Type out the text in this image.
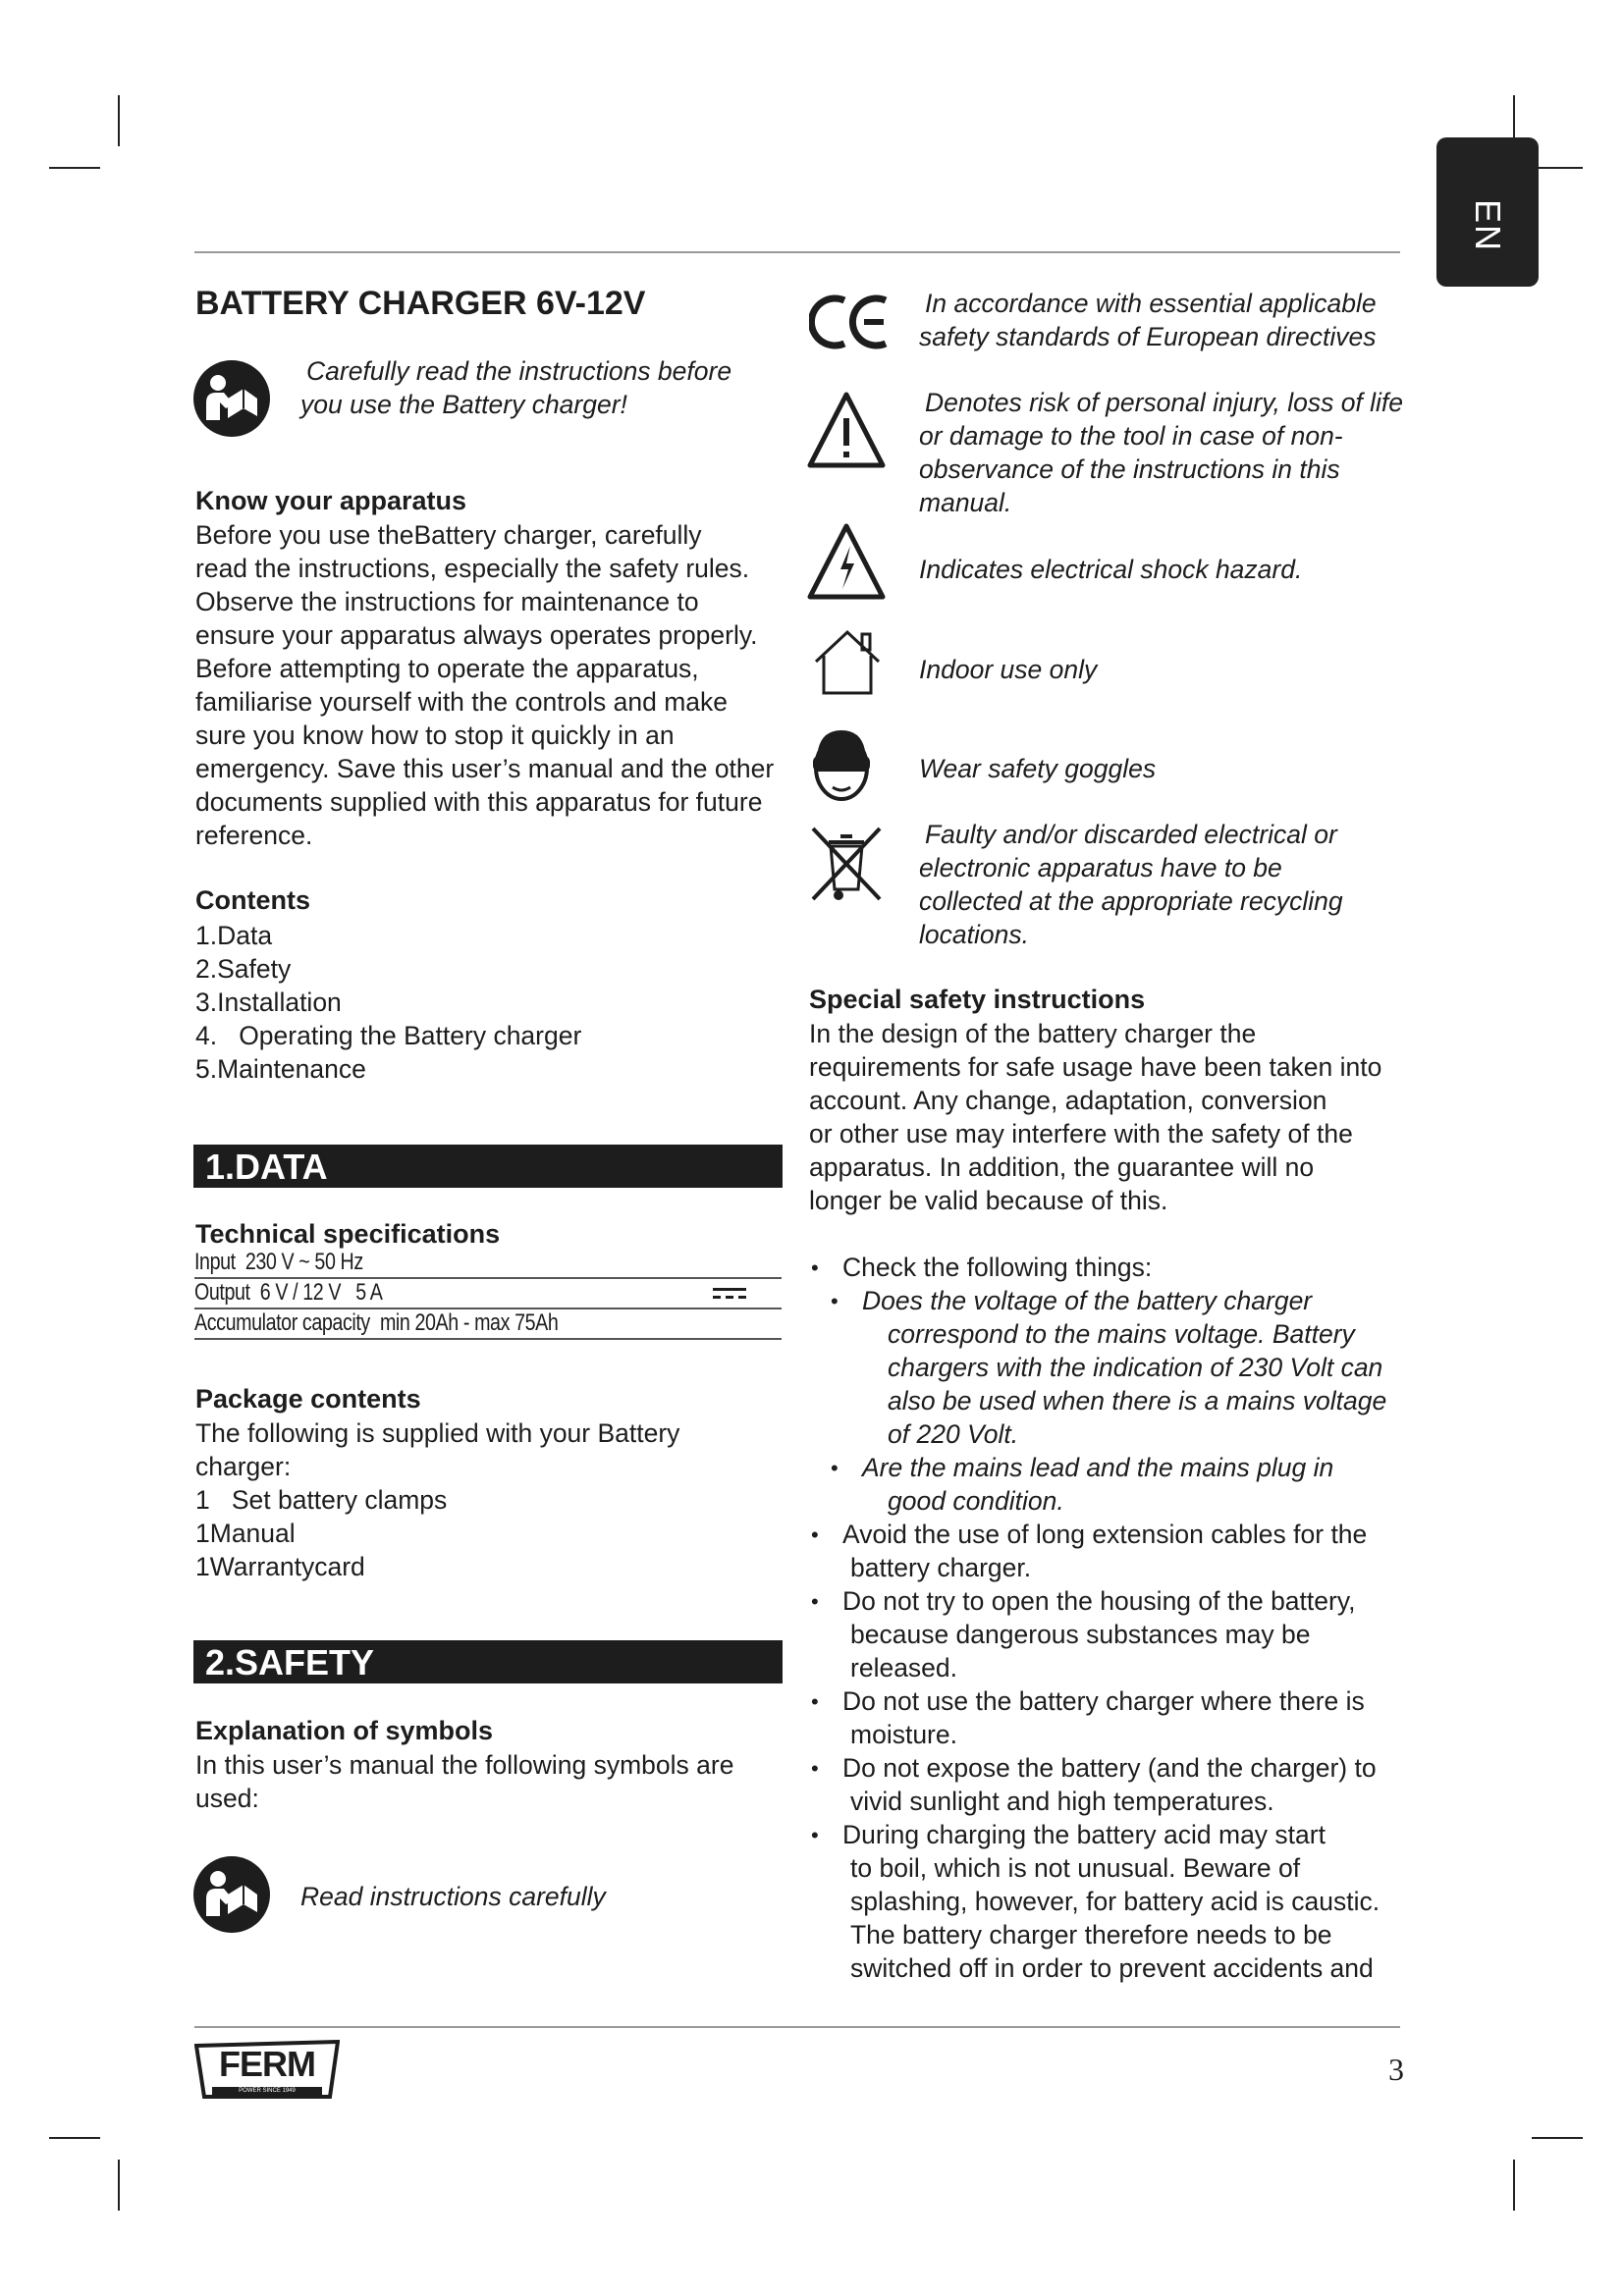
EN
BATTERY CHARGER 6V-12V
Carefully read the instructions before
you use the Battery charger!
Know your apparatus
Before you use theBattery charger, carefully
read the instructions, especially the safety rules.
Observe the instructions for maintenance to
ensure your apparatus always operates properly.
Before attempting to operate the apparatus,
familiarise yourself with the controls and make
sure you know how to stop it quickly in an
emergency. Save this user’s manual and the other
documents supplied with this apparatus for future
reference.
Contents
1.Data
2.Safety
3.Installation
4.   Operating the Battery charger
5.Maintenance
1.DATA
Technical specifications
Input  230 V ~ 50 Hz
Output  6 V / 12 V   5 A
Accumulator capacity  min 20Ah - max 75Ah
Package contents
The following is supplied with your Battery
charger:
1   Set battery clamps
1Manual
1Warrantycard
2.SAFETY
Explanation of symbols
In this user’s manual the following symbols are
used:
Read instructions carefully
In accordance with essential applicable
safety standards of European directives
Denotes risk of personal injury, loss of life
or damage to the tool in case of non-
observance of the instructions in this
manual.
Indicates electrical shock hazard.
Indoor use only
Wear safety goggles
Faulty and/or discarded electrical or
electronic apparatus have to be
collected at the appropriate recycling
locations.
Special safety instructions
In the design of the battery charger the
requirements for safe usage have been taken into
account. Any change, adaptation, conversion
or other use may interfere with the safety of the
apparatus. In addition, the guarantee will no
longer be valid because of this.
• Check the following things:
• Does the voltage of the battery charger
correspond to the mains voltage. Battery
chargers with the indication of 230 Volt can
also be used when there is a mains voltage
of 220 Volt.
• Are the mains lead and the mains plug in
good condition.
• Avoid the use of long extension cables for the
battery charger.
• Do not try to open the housing of the battery,
because dangerous substances may be
released.
• Do not use the battery charger where there is
moisture.
• Do not expose the battery (and the charger) to
vivid sunlight and high temperatures.
• During charging the battery acid may start
to boil, which is not unusual. Beware of
splashing, however, for battery acid is caustic.
The battery charger therefore needs to be
switched off in order to prevent accidents and
FERM
POWER SINCE 1949
3
